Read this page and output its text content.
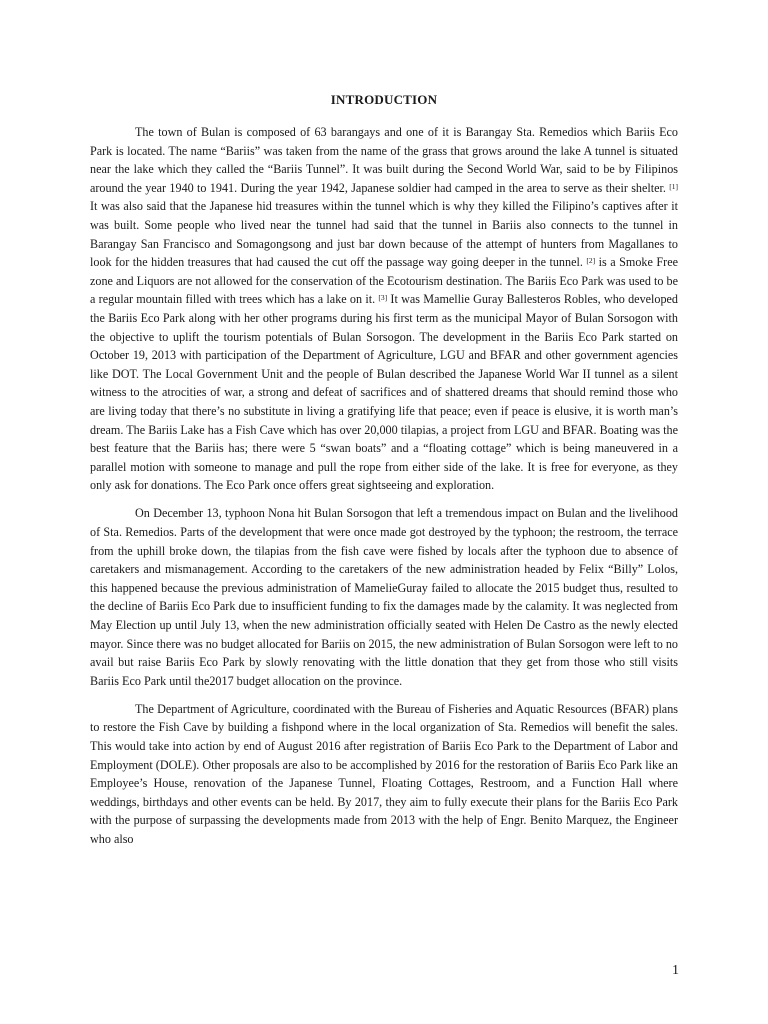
INTRODUCTION

The town of Bulan is composed of 63 barangays and one of it is Barangay Sta. Remedios which Bariis Eco Park is located. The name “Bariis” was taken from the name of the grass that grows around the lake A tunnel is situated near the lake which they called the “Bariis Tunnel”. It was built during the Second World War, said to be by Filipinos around the year 1940 to 1941. During the year 1942, Japanese soldier had camped in the area to serve as their shelter. [1] It was also said that the Japanese hid treasures within the tunnel which is why they killed the Filipino’s captives after it was built. Some people who lived near the tunnel had said that the tunnel in Bariis also connects to the tunnel in Barangay San Francisco and Somagongsong and just bar down because of the attempt of hunters from Magallanes to look for the hidden treasures that had caused the cut off the passage way going deeper in the tunnel. [2] is a Smoke Free zone and Liquors are not allowed for the conservation of the Ecotourism destination. The Bariis Eco Park was used to be a regular mountain filled with trees which has a lake on it. [3] It was Mamellie Guray Ballesteros Robles, who developed the Bariis Eco Park along with her other programs during his first term as the municipal Mayor of Bulan Sorsogon with the objective to uplift the tourism potentials of Bulan Sorsogon. The development in the Bariis Eco Park started on October 19, 2013 with participation of the Department of Agriculture, LGU and BFAR and other government agencies like DOT. The Local Government Unit and the people of Bulan described the Japanese World War II tunnel as a silent witness to the atrocities of war, a strong and defeat of sacrifices and of shattered dreams that should remind those who are living today that there’s no substitute in living a gratifying life that peace; even if peace is elusive, it is worth man’s dream. The Bariis Lake has a Fish Cave which has over 20,000 tilapias, a project from LGU and BFAR. Boating was the best feature that the Bariis has; there were 5 “swan boats” and a “floating cottage” which is being maneuvered in a parallel motion with someone to manage and pull the rope from either side of the lake. It is free for everyone, as they only ask for donations. The Eco Park once offers great sightseeing and exploration.

On December 13, typhoon Nona hit Bulan Sorsogon that left a tremendous impact on Bulan and the livelihood of Sta. Remedios. Parts of the development that were once made got destroyed by the typhoon; the restroom, the terrace from the uphill broke down, the tilapias from the fish cave were fished by locals after the typhoon due to absence of caretakers and mismanagement. According to the caretakers of the new administration headed by Felix “Billy” Lolos, this happened because the previous administration of MamelieGuray failed to allocate the 2015 budget thus, resulted to the decline of Bariis Eco Park due to insufficient funding to fix the damages made by the calamity. It was neglected from May Election up until July 13, when the new administration officially seated with Helen De Castro as the newly elected mayor. Since there was no budget allocated for Bariis on 2015, the new administration of Bulan Sorsogon were left to no avail but raise Bariis Eco Park by slowly renovating with the little donation that they get from those who still visits Bariis Eco Park until the2017 budget allocation on the province.

The Department of Agriculture, coordinated with the Bureau of Fisheries and Aquatic Resources (BFAR) plans to restore the Fish Cave by building a fishpond where in the local organization of Sta. Remedios will benefit the sales. This would take into action by end of August 2016 after registration of Bariis Eco Park to the Department of Labor and Employment (DOLE). Other proposals are also to be accomplished by 2016 for the restoration of Bariis Eco Park like an Employee’s House, renovation of the Japanese Tunnel, Floating Cottages, Restroom, and a Function Hall where weddings, birthdays and other events can be held. By 2017, they aim to fully execute their plans for the Bariis Eco Park with the purpose of surpassing the developments made from 2013 with the help of Engr. Benito Marquez, the Engineer who also

1
